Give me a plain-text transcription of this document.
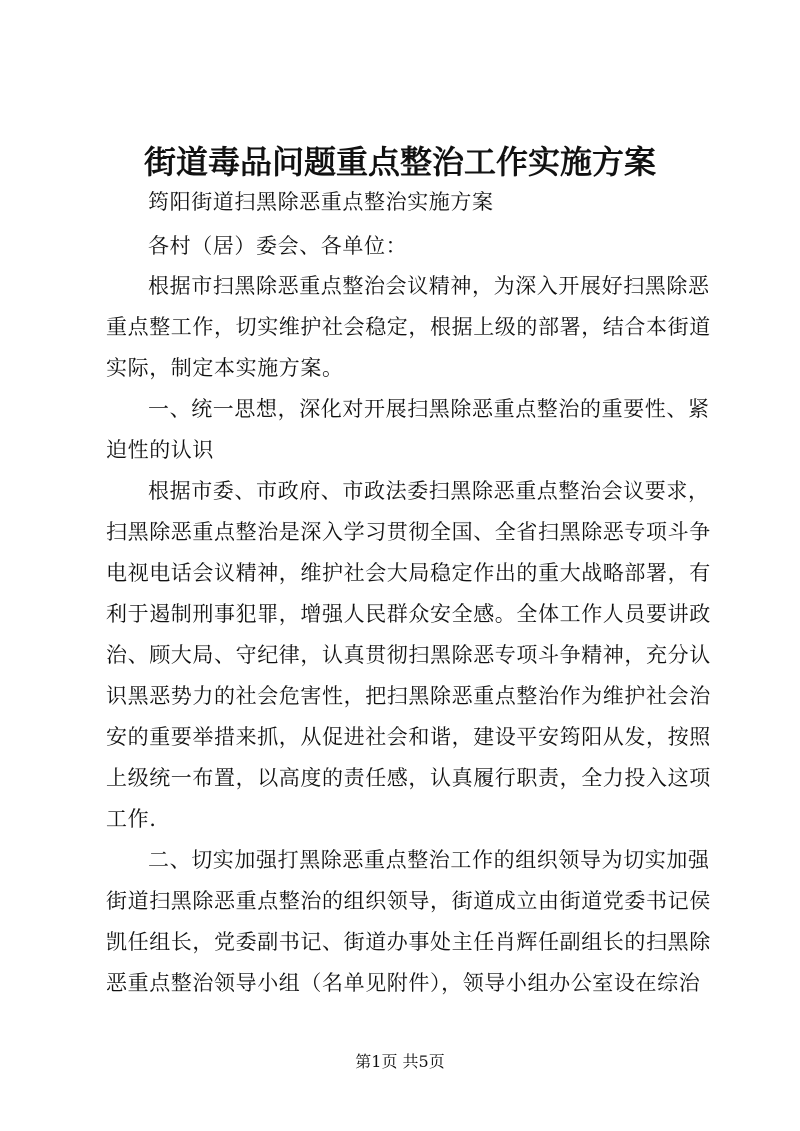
街道毒品问题重点整治工作实施方案
筠阳街道扫黑除恶重点整治实施方案
各村（居）委会、各单位：
根据市扫黑除恶重点整治会议精神，为深入开展好扫黑除恶
重点整工作，切实维护社会稳定，根据上级的部署，结合本街道
实际，制定本实施方案。
一、统一思想，深化对开展扫黑除恶重点整治的重要性、紧
迫性的认识
根据市委、市政府、市政法委扫黑除恶重点整治会议要求，
扫黑除恶重点整治是深入学习贯彻全国、全省扫黑除恶专项斗争
电视电话会议精神，维护社会大局稳定作出的重大战略部署，有
利于遏制刑事犯罪，增强人民群众安全感。全体工作人员要讲政
治、顾大局、守纪律，认真贯彻扫黑除恶专项斗争精神，充分认
识黑恶势力的社会危害性，把扫黑除恶重点整治作为维护社会治
安的重要举措来抓，从促进社会和谐，建设平安筠阳从发，按照
上级统一布置，以高度的责任感，认真履行职责，全力投入这项
工作.
二、切实加强打黑除恶重点整治工作的组织领导为切实加强
街道扫黑除恶重点整治的组织领导，街道成立由街道党委书记侯
凯任组长，党委副书记、街道办事处主任肖辉任副组长的扫黑除
恶重点整治领导小组（名单见附件），领导小组办公室设在综治
第1页 共5页
